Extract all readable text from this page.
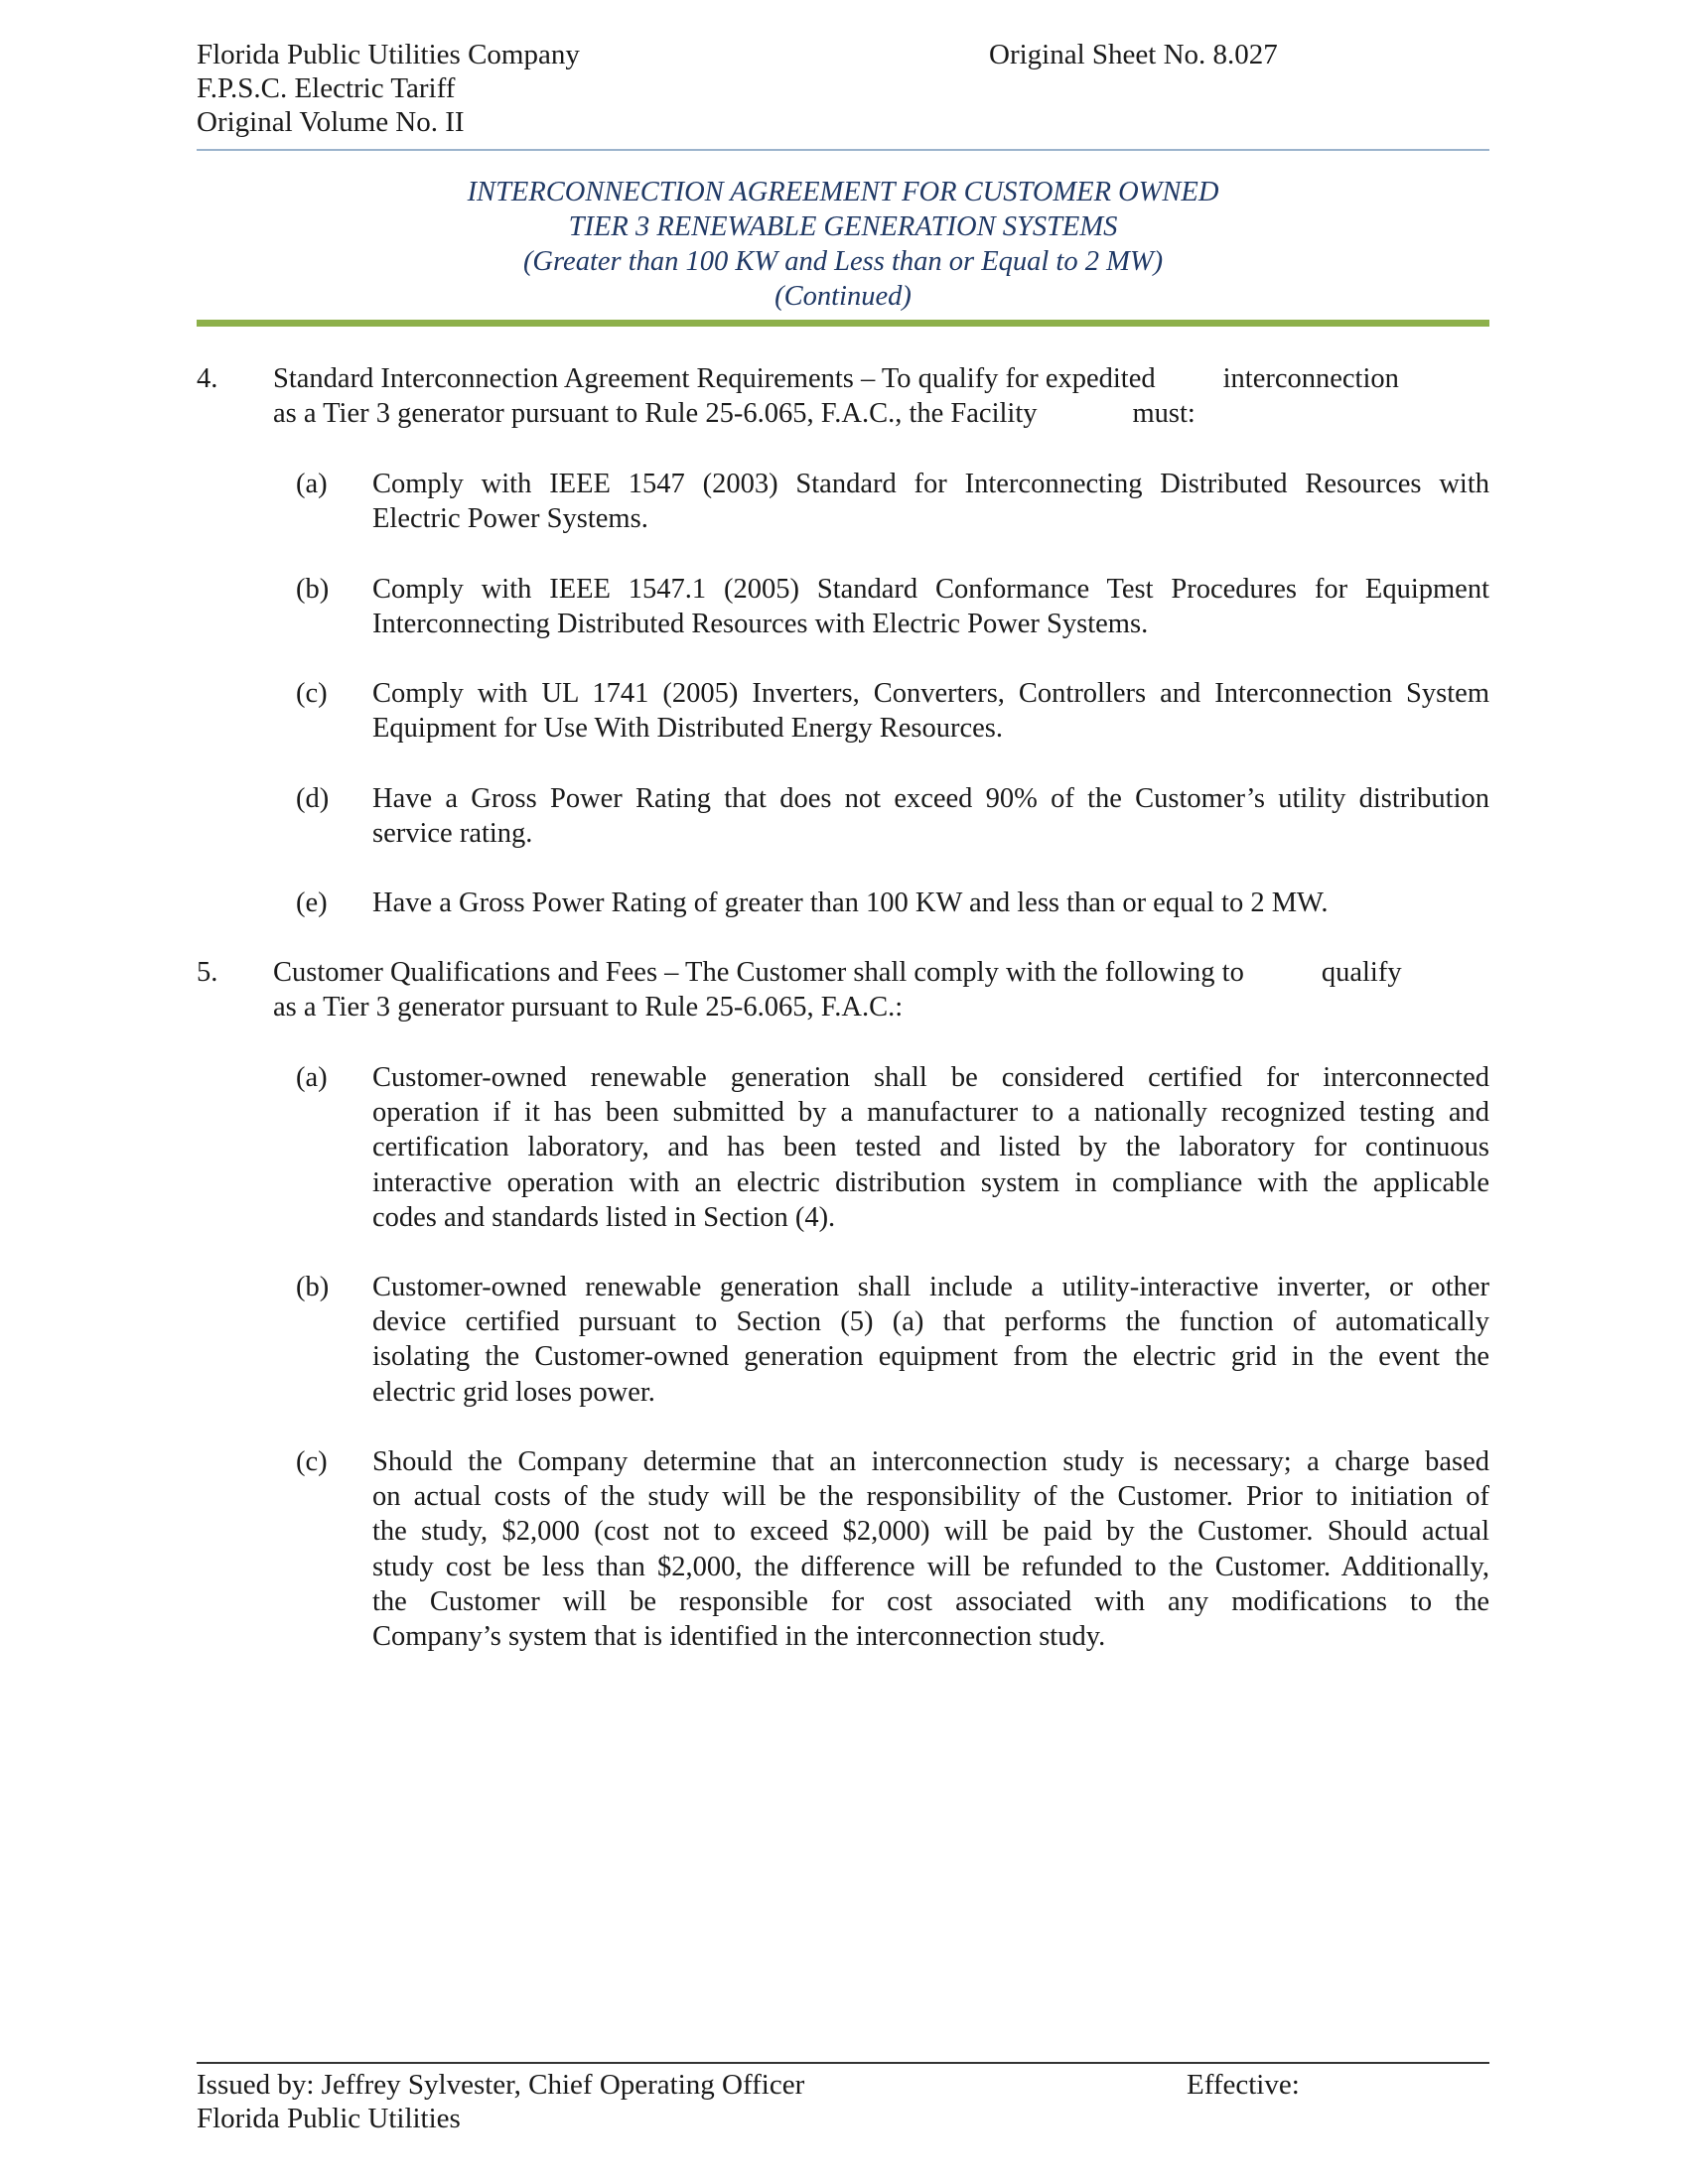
Florida Public Utilities Company
F.P.S.C. Electric Tariff
Original Volume No. II
Original Sheet No. 8.027
INTERCONNECTION AGREEMENT FOR CUSTOMER OWNED
TIER 3 RENEWABLE GENERATION SYSTEMS
(Greater than 100 KW and Less than or Equal to 2 MW)
(Continued)
4. Standard Interconnection Agreement Requirements – To qualify for expedited interconnection
as a Tier 3 generator pursuant to Rule 25-6.065, F.A.C., the Facility	must:
(a) Comply with IEEE 1547 (2003) Standard for Interconnecting Distributed Resources with
Electric Power Systems.
(b) Comply with IEEE 1547.1 (2005) Standard Conformance Test Procedures for Equipment
Interconnecting Distributed Resources with Electric Power Systems.
(c) Comply with UL 1741 (2005) Inverters, Converters, Controllers and Interconnection System
Equipment for Use With Distributed Energy Resources.
(d) Have a Gross Power Rating that does not exceed 90% of the Customer’s utility distribution
service rating.
(e) Have a Gross Power Rating of greater than 100 KW and less than or equal to 2 MW.
5. Customer Qualifications and Fees – The Customer shall comply with the following to	qualify
as a Tier 3 generator pursuant to Rule 25-6.065, F.A.C.:
(a) Customer-owned renewable generation shall be considered certified for interconnected
operation if it has been submitted by a manufacturer to a nationally recognized testing and
certification laboratory, and has been tested and listed by the laboratory for continuous
interactive operation with an electric distribution system in compliance with the applicable
codes and standards listed in Section (4).
(b) Customer-owned renewable generation shall include a utility-interactive inverter, or other
device certified pursuant to Section (5) (a) that performs the function of automatically
isolating the Customer-owned generation equipment from the electric grid in the event the
electric grid loses power.
(c) Should the Company determine that an interconnection study is necessary; a charge based
on actual costs of the study will be the responsibility of the Customer. Prior to initiation of
the study, $2,000 (cost not to exceed $2,000) will be paid by the Customer. Should actual
study cost be less than $2,000, the difference will be refunded to the Customer. Additionally,
the Customer will be responsible for cost associated with any modifications to the
Company’s system that is identified in the interconnection study.
Issued by: Jeffrey Sylvester, Chief Operating Officer
Florida Public Utilities
Effective:
